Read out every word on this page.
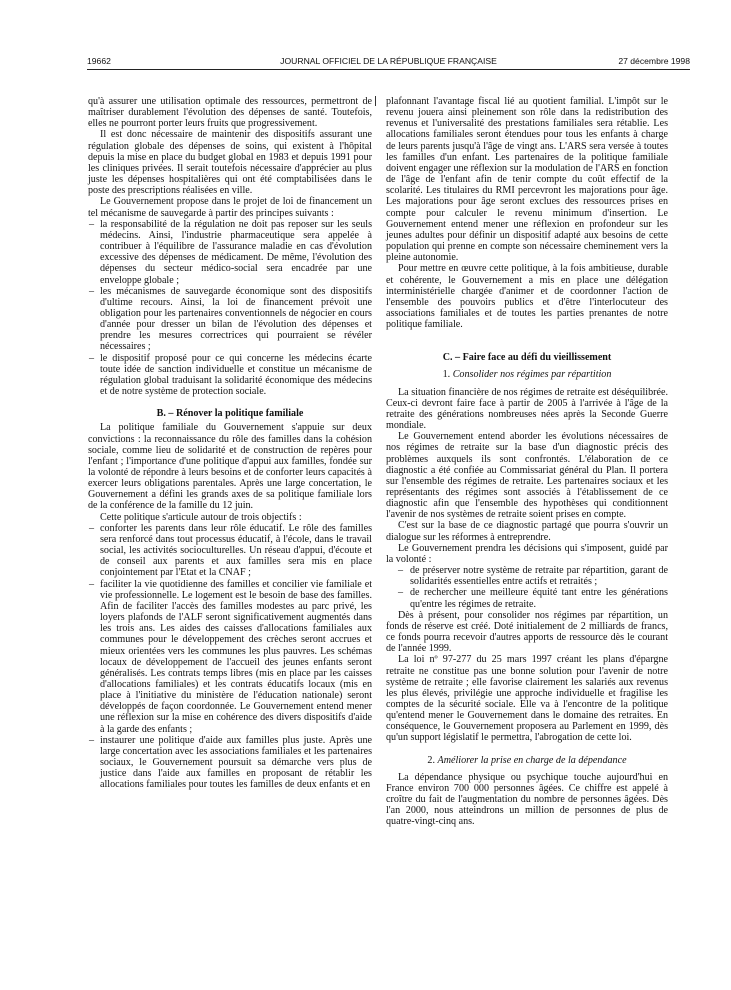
19662	JOURNAL OFFICIEL DE LA RÉPUBLIQUE FRANÇAISE	27 décembre 1998

qu'à assurer une utilisation optimale des ressources, permettront de maîtriser durablement l'évolution des dépenses de santé. Toutefois, elles ne pourront porter leurs fruits que progressivement.

Il est donc nécessaire de maintenir des dispositifs assurant une régulation globale des dépenses de soins, qui existent à l'hôpital depuis la mise en place du budget global en 1983 et depuis 1991 pour les cliniques privées. Il serait toutefois nécessaire d'apprécier au plus juste les dépenses hospitalières qui ont été comptabilisées dans le poste des prescriptions réalisées en ville.

Le Gouvernement propose dans le projet de loi de financement un tel mécanisme de sauvegarde à partir des principes suivants :

– la responsabilité de la régulation ne doit pas reposer sur les seuls médecins. Ainsi, l'industrie pharmaceutique sera appelée à contribuer à l'équilibre de l'assurance maladie en cas d'évolution excessive des dépenses de médicament. De même, l'évolution des dépenses du secteur médico-social sera encadrée par une enveloppe globale ;
– les mécanismes de sauvegarde économique sont des dispositifs d'ultime recours. Ainsi, la loi de financement prévoit une obligation pour les partenaires conventionnels de négocier en cours d'année pour dresser un bilan de l'évolution des dépenses et prendre les mesures correctrices qui pourraient se révéler nécessaires ;
– le dispositif proposé pour ce qui concerne les médecins écarte toute idée de sanction individuelle et constitue un mécanisme de régulation global traduisant la solidarité économique des médecins et de notre système de protection sociale.
B. – Rénover la politique familiale

La politique familiale du Gouvernement s'appuie sur deux convictions : la reconnaissance du rôle des familles dans la cohésion sociale, comme lieu de solidarité et de construction de repères pour l'enfant ; l'importance d'une politique d'appui aux familles, fondée sur la volonté de répondre à leurs besoins et de conforter leurs capacités à exercer leurs obligations parentales. Après une large concertation, le Gouvernement a défini les grands axes de sa politique familiale lors de la conférence de la famille du 12 juin.

Cette politique s'articule autour de trois objectifs :

– conforter les parents dans leur rôle éducatif. Le rôle des familles sera renforcé dans tout processus éducatif, à l'école, dans le travail social, les activités socioculturelles. Un réseau d'appui, d'écoute et de conseil aux parents et aux familles sera mis en place conjointement par l'Etat et la CNAF ;
– faciliter la vie quotidienne des familles et concilier vie familiale et vie professionnelle. Le logement est le besoin de base des familles. Afin de faciliter l'accès des familles modestes au parc privé, les loyers plafonds de l'ALF seront significativement augmentés dans les trois ans. Les aides des caisses d'allocations familiales aux communes pour le développement des crèches seront accrues et mieux orientées vers les communes les plus pauvres. Les schémas locaux de développement de l'accueil des jeunes enfants seront généralisés. Les contrats temps libres (mis en place par les caisses d'allocations familiales) et les contrats éducatifs locaux (mis en place à l'initiative du ministère de l'éducation nationale) seront développés de façon coordonnée. Le Gouvernement entend mener une réflexion sur la mise en cohérence des divers dispositifs d'aide à la garde des enfants ;
– instaurer une politique d'aide aux familles plus juste. Après une large concertation avec les associations familiales et les partenaires sociaux, le Gouvernement poursuit sa démarche vers plus de justice dans l'aide aux familles en proposant de rétablir les allocations familiales pour toutes les familles de deux enfants et en

plafonnant l'avantage fiscal lié au quotient familial. L'impôt sur le revenu jouera ainsi pleinement son rôle dans la redistribution des revenus et l'universalité des prestations familiales sera rétablie. Les allocations familiales seront étendues pour tous les enfants à charge de leurs parents jusqu'à l'âge de vingt ans. L'ARS sera versée à toutes les familles d'un enfant. Les partenaires de la politique familiale doivent engager une réflexion sur la modulation de l'ARS en fonction de l'âge de l'enfant afin de tenir compte du coût effectif de la scolarité. Les titulaires du RMI percevront les majorations pour âge. Les majorations pour âge seront exclues des ressources prises en compte pour calculer le revenu minimum d'insertion. Le Gouvernement entend mener une réflexion en profondeur sur les jeunes adultes pour définir un dispositif adapté aux besoins de cette population qui prenne en compte son nécessaire cheminement vers la pleine autonomie.

Pour mettre en œuvre cette politique, à la fois ambitieuse, durable et cohérente, le Gouvernement a mis en place une délégation interministérielle chargée d'animer et de coordonner l'action de l'ensemble des pouvoirs publics et d'être l'interlocuteur des associations familiales et de toutes les parties prenantes de notre politique familiale.

C. – Faire face au défi du vieillissement
1. Consolider nos régimes par répartition

La situation financière de nos régimes de retraite est déséquilibrée. Ceux-ci devront faire face à partir de 2005 à l'arrivée à l'âge de la retraite des générations nombreuses nées après la Seconde Guerre mondiale.

Le Gouvernement entend aborder les évolutions nécessaires de nos régimes de retraite sur la base d'un diagnostic précis des problèmes auxquels ils sont confrontés. L'élaboration de ce diagnostic a été confiée au Commissariat général du Plan. Il portera sur l'ensemble des régimes de retraite. Les partenaires sociaux et les représentants des régimes sont associés à l'établissement de ce diagnostic afin que l'ensemble des hypothèses qui conditionnent l'avenir de nos systèmes de retraite soient prises en compte.

C'est sur la base de ce diagnostic partagé que pourra s'ouvrir un dialogue sur les réformes à entreprendre.

Le Gouvernement prendra les décisions qui s'imposent, guidé par la volonté :

– de préserver notre système de retraite par répartition, garant de solidarités essentielles entre actifs et retraités ;
– de rechercher une meilleure équité tant entre les générations qu'entre les régimes de retraite.

Dès à présent, pour consolider nos régimes par répartition, un fonds de réserve est créé. Doté initialement de 2 milliards de francs, ce fonds pourra recevoir d'autres apports de ressource dès le courant de l'année 1999.

La loi nº 97-277 du 25 mars 1997 créant les plans d'épargne retraite ne constitue pas une bonne solution pour l'avenir de notre système de retraite ; elle favorise clairement les salariés aux revenus les plus élevés, privilégie une approche individuelle et fragilise les comptes de la sécurité sociale. Elle va à l'encontre de la politique qu'entend mener le Gouvernement dans le domaine des retraites. En conséquence, le Gouvernement proposera au Parlement en 1999, dès qu'un support législatif le permettra, l'abrogation de cette loi.

2. Améliorer la prise en charge de la dépendance

La dépendance physique ou psychique touche aujourd'hui en France environ 700 000 personnes âgées. Ce chiffre est appelé à croître du fait de l'augmentation du nombre de personnes âgées. Dès l'an 2000, nous atteindrons un million de personnes de plus de quatre-vingt-cinq ans.
